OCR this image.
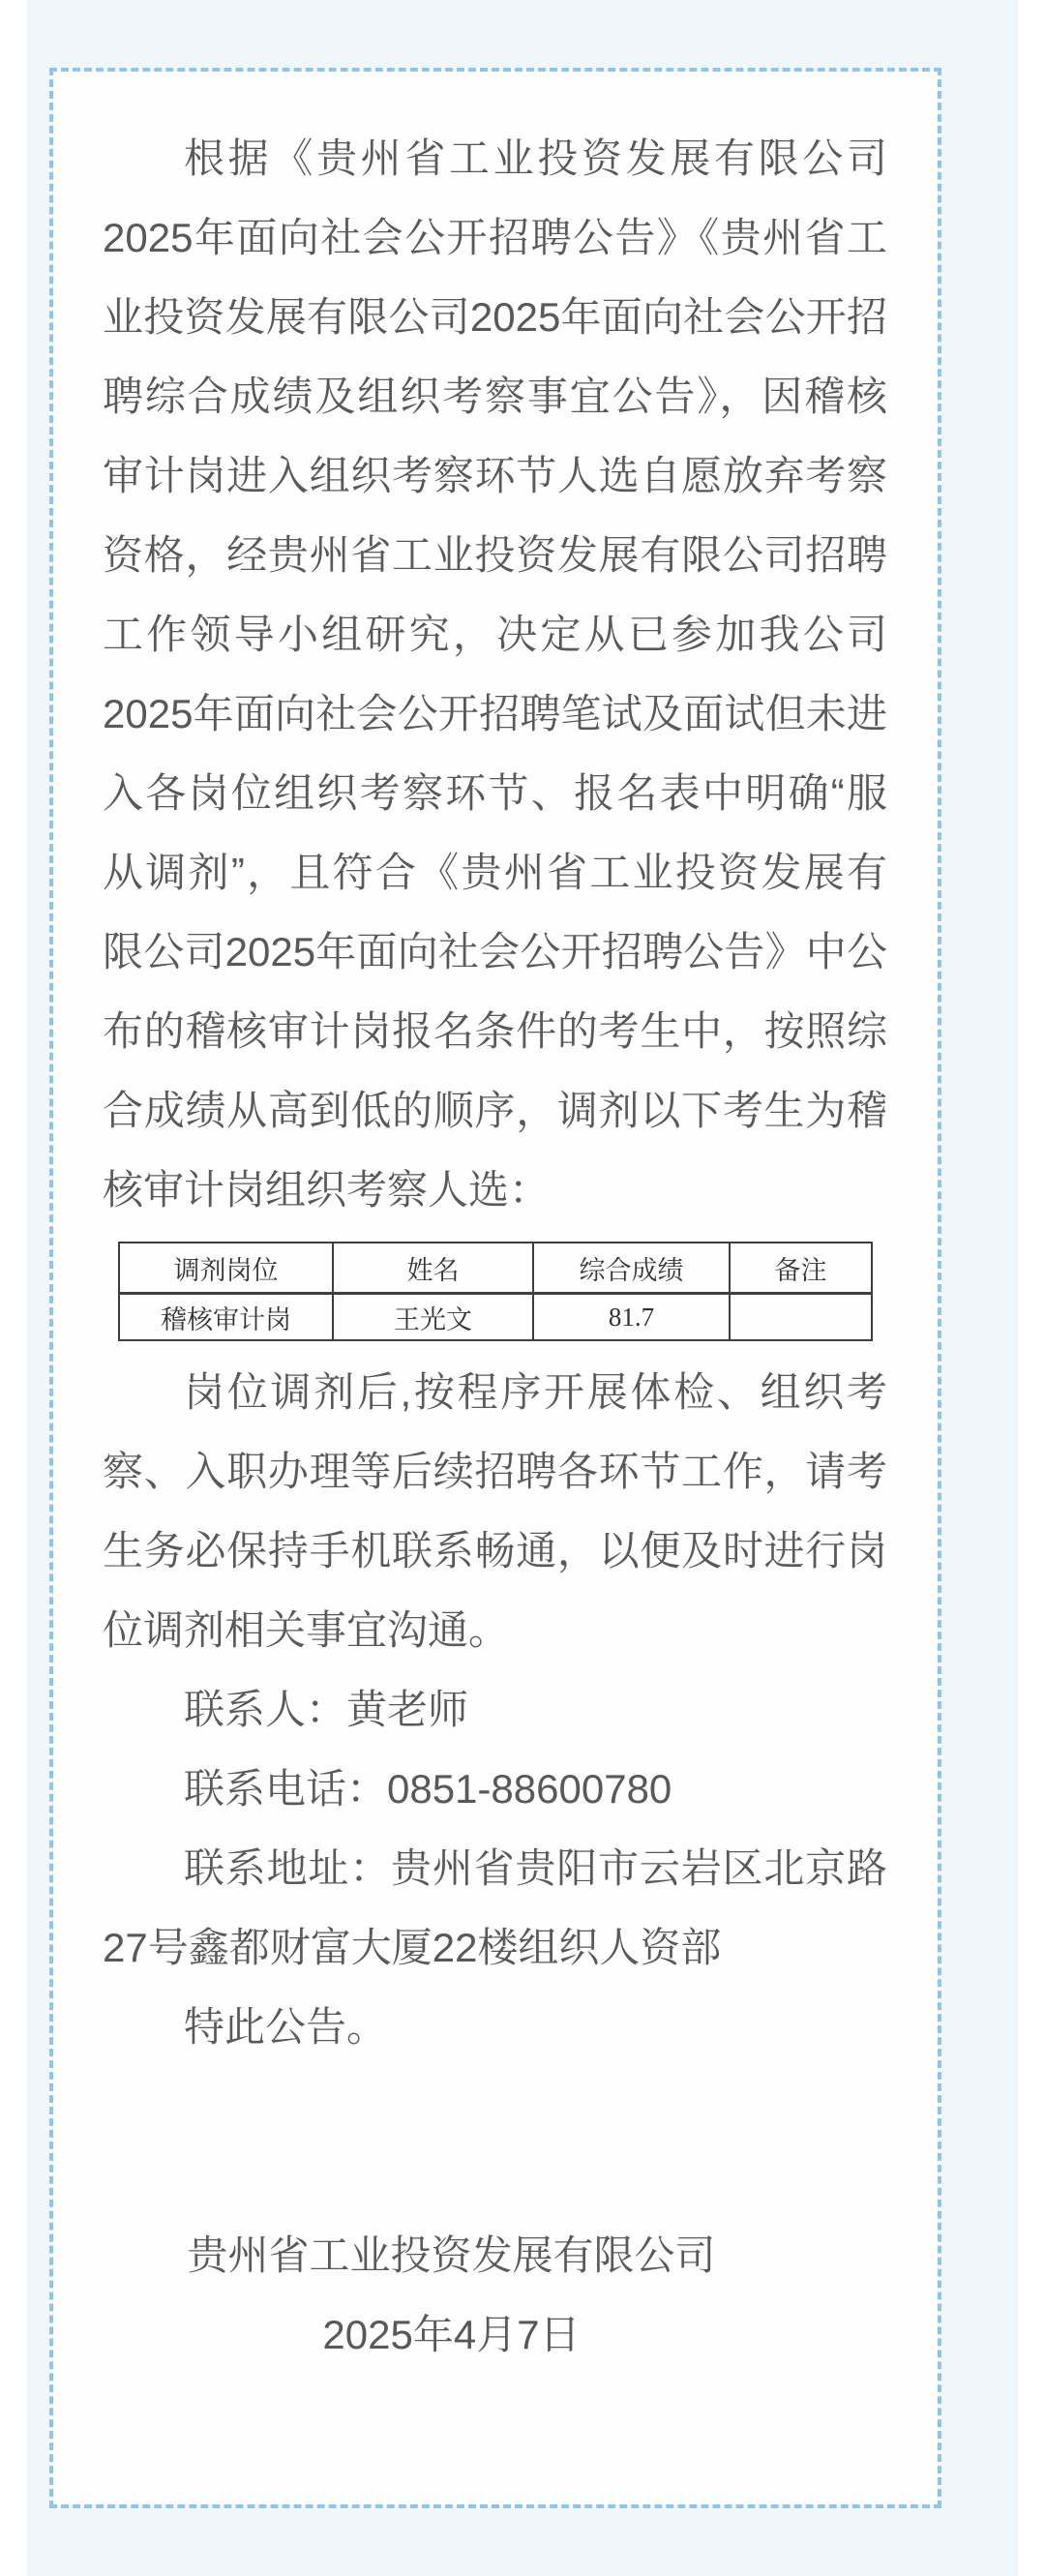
根据《贵州省工业投资发展有限公司2025年面向社会公开招聘公告》《贵州省工业投资发展有限公司2025年面向社会公开招聘综合成绩及组织考察事宜公告》，因稽核审计岗进入组织考察环节人选自愿放弃考察资格，经贵州省工业投资发展有限公司招聘工作领导小组研究，决定从已参加我公司2025年面向社会公开招聘笔试及面试但未进入各岗位组织考察环节、报名表中明确“服从调剂”，且符合《贵州省工业投资发展有限公司2025年面向社会公开招聘公告》中公布的稽核审计岗报名条件的考生中，按照综合成绩从高到低的顺序，调剂以下考生为稽核审计岗组织考察人选：

调剂岗位	姓名	综合成绩	备注
稽核审计岗	王光文	81.7	

岗位调剂后,按程序开展体检、组织考察、入职办理等后续招聘各环节工作，请考生务必保持手机联系畅通，以便及时进行岗位调剂相关事宜沟通。

联系人：黄老师

联系电话：0851-88600780

联系地址：贵州省贵阳市云岩区北京路27号鑫都财富大厦22楼组织人资部

特此公告。

贵州省工业投资发展有限公司

2025年4月7日
